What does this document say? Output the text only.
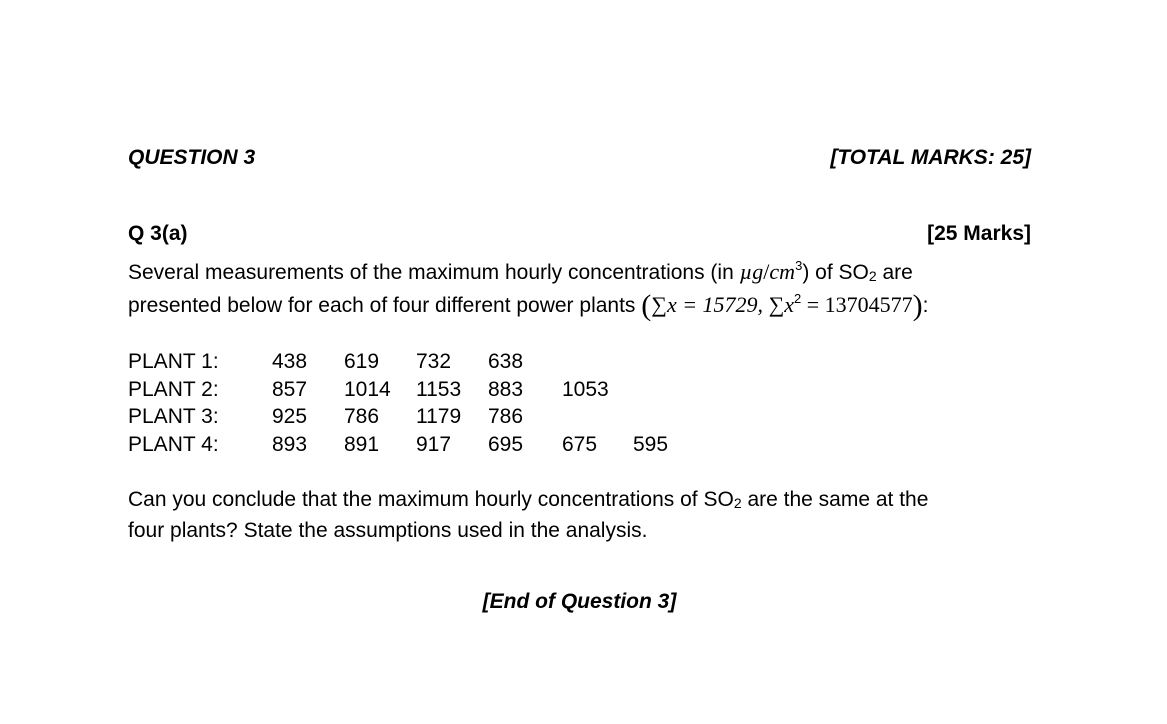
QUESTION 3	[TOTAL MARKS: 25]
Q 3(a)	[25 Marks]
Several measurements of the maximum hourly concentrations (in $\mu g/cm^3$) of $SO_2$ are
presented below for each of four different power plants (∑x = 15729, $\sum x^2 = 13704577$):
PLANT 1:	438 619 732 638
PLANT 2:	857 1014 1153 883 1053
PLANT 3:	925 786 1179 786
PLANT 4:	893 891 917 695 675 595
Can you conclude that the maximum hourly concentrations of $SO_2$ are the same at the
four plants? State the assumptions used in the analysis.
[End of Question 3]
